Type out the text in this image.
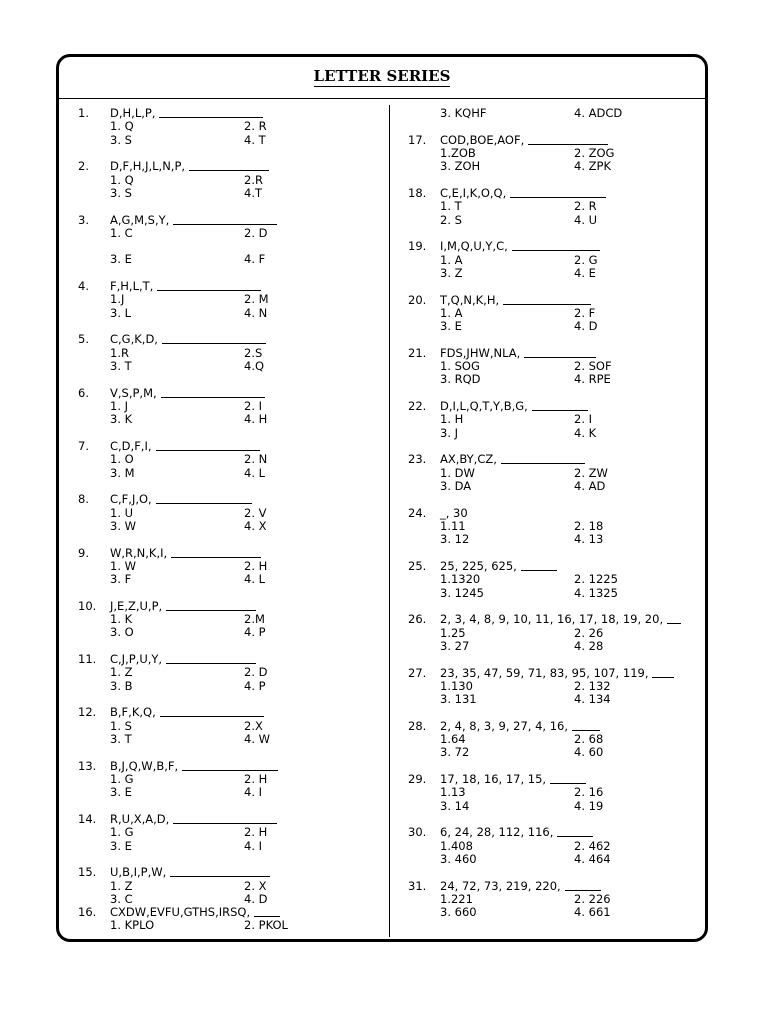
LETTER SERIES
1.	D,H,L,P,
1. Q	2. R
3. S	4. T
2.	D,F,H,J,L,N,P,
1. Q	2.R
3. S	4.T
3.	A,G,M,S,Y,
1. C	2. D
3. E	4. F
4.	F,H,L,T,
1.J	2. M
3. L	4. N
5.	C,G,K,D,
1.R	2.S
3. T	4.Q
6.	V,S,P,M,
1. J	2. I
3. K	4. H
7.	C,D,F,I,
1. O	2. N
3. M	4. L
8.	C,F,J,O,
1. U	2. V
3. W	4. X
9.	W,R,N,K,I,
1. W	2. H
3. F	4. L
10.	J,E,Z,U,P,
1. K	2.M
3. O	4. P
11.	C,J,P,U,Y,
1. Z	2. D
3. B	4. P
12.	B,F,K,Q,
1. S	2.X
3. T	4. W
13.	B,J,Q,W,B,F,
1. G	2. H
3. E	4. I
14.	R,U,X,A,D,
1. G	2. H
3. E	4. I
15.	U,B,I,P,W,
1. Z	2. X
3. C	4. D
16.	CXDW,EVFU,GTHS,IRSQ,
1. KPLO	2. PKOL
3. KQHF	4. ADCD
17.	COD,BOE,AOF,
1.ZOB	2. ZOG
3. ZOH	4. ZPK
18.	C,E,I,K,O,Q,
1. T	2. R
2. S	4. U
19.	I,M,Q,U,Y,C,
1. A	2. G
3. Z	4. E
20.	T,Q,N,K,H,
1. A	2. F
3. E	4. D
21.	FDS,JHW,NLA,
1. SOG	2. SOF
3. RQD	4. RPE
22.	D,I,L,Q,T,Y,B,G,
1. H	2. I
3. J	4. K
23.	AX,BY,CZ,
1. DW	2. ZW
3. DA	4. AD
24.	_, 30
1.11	2. 18
3. 12	4. 13
25.	25, 225, 625,
1.1320	2. 1225
3. 1245	4. 1325
26.	2, 3, 4, 8, 9, 10, 11, 16, 17, 18, 19, 20,
1.25	2. 26
3. 27	4. 28
27.	23, 35, 47, 59, 71, 83, 95, 107, 119,
1.130	2. 132
3. 131	4. 134
28.	2, 4, 8, 3, 9, 27, 4, 16,
1.64	2. 68
3. 72	4. 60
29.	17, 18, 16, 17, 15,
1.13	2. 16
3. 14	4. 19
30.	6, 24, 28, 112, 116,
1.408	2. 462
3. 460	4. 464
31.	24, 72, 73, 219, 220,
1.221	2. 226
3. 660	4. 661
